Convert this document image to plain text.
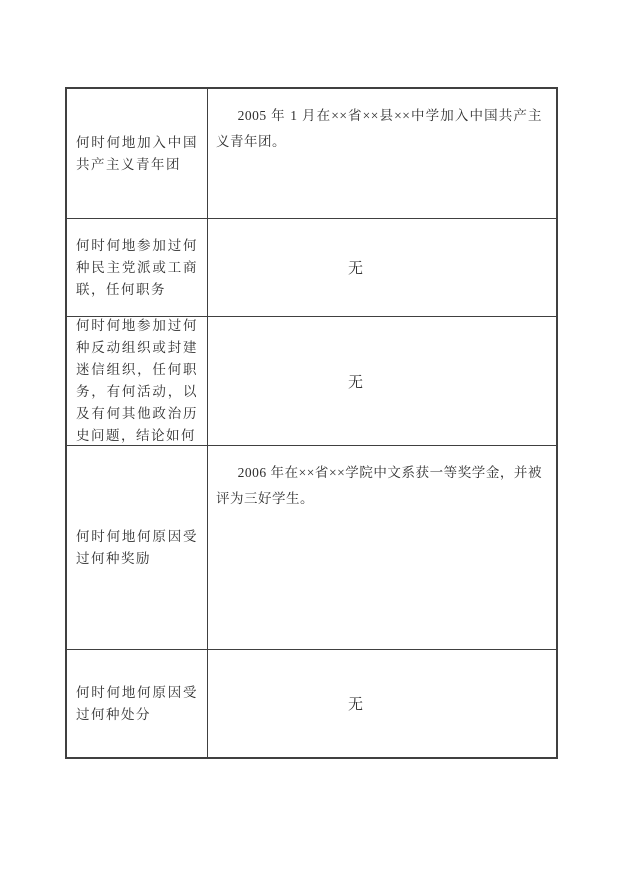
何时何地加入中国共产主义青年团

2005 年 1 月在××省××县××中学加入中国共产主义青年团。

何时何地参加过何种民主党派或工商联，任何职务

无

何时何地参加过何种反动组织或封建迷信组织，任何职务，有何活动，以及有何其他政治历史问题，结论如何

无

何时何地何原因受过何种奖励

2006 年在××省××学院中文系获一等奖学金，并被评为三好学生。

何时何地何原因受过何种处分

无
